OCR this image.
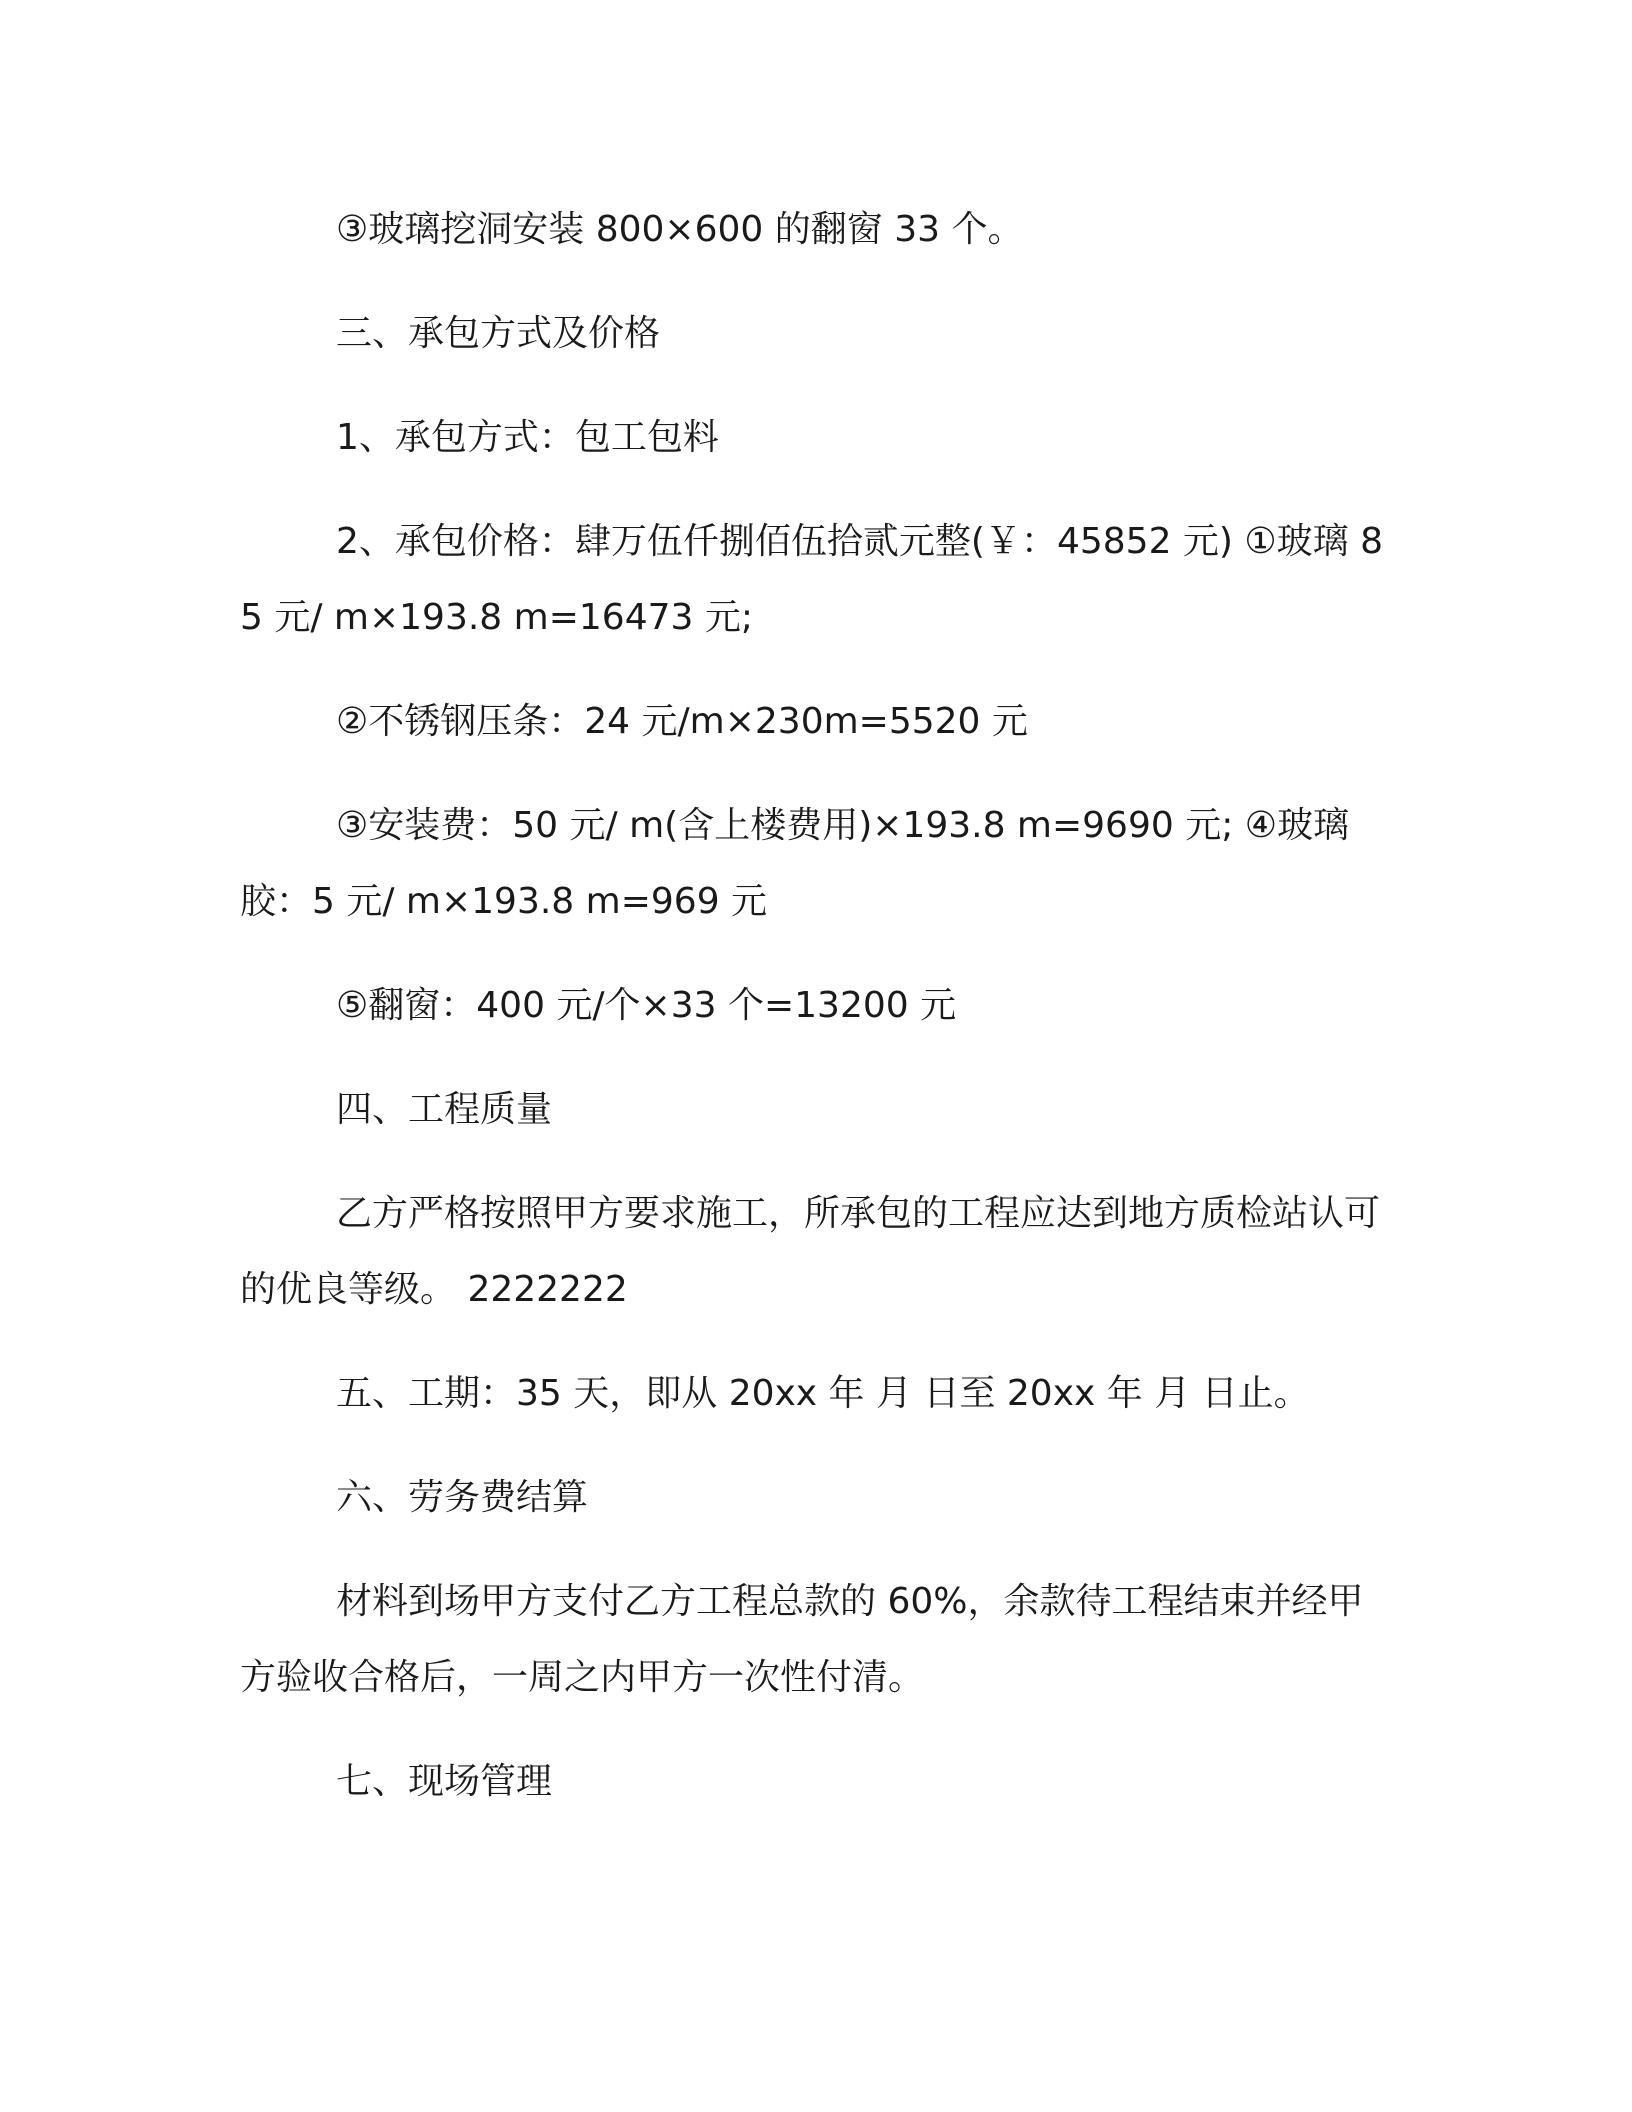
③玻璃挖洞安装 800×600 的翻窗 33 个。

三、承包方式及价格

1、承包方式：包工包料

2、承包价格：肆万伍仟捌佰伍拾贰元整(￥：45852 元) ①玻璃 85 元/ m×193.8 m=16473 元;

②不锈钢压条：24 元/m×230m=5520 元

③安装费：50 元/ m(含上楼费用)×193.8 m=9690 元; ④玻璃胶：5 元/ m×193.8 m=969 元

⑤翻窗：400 元/个×33 个=13200 元

四、工程质量

乙方严格按照甲方要求施工，所承包的工程应达到地方质检站认可的优良等级。 2222222

五、工期：35 天，即从 20xx 年 月 日至 20xx 年 月 日止。

六、劳务费结算

材料到场甲方支付乙方工程总款的 60%，余款待工程结束并经甲方验收合格后，一周之内甲方一次性付清。

七、现场管理
